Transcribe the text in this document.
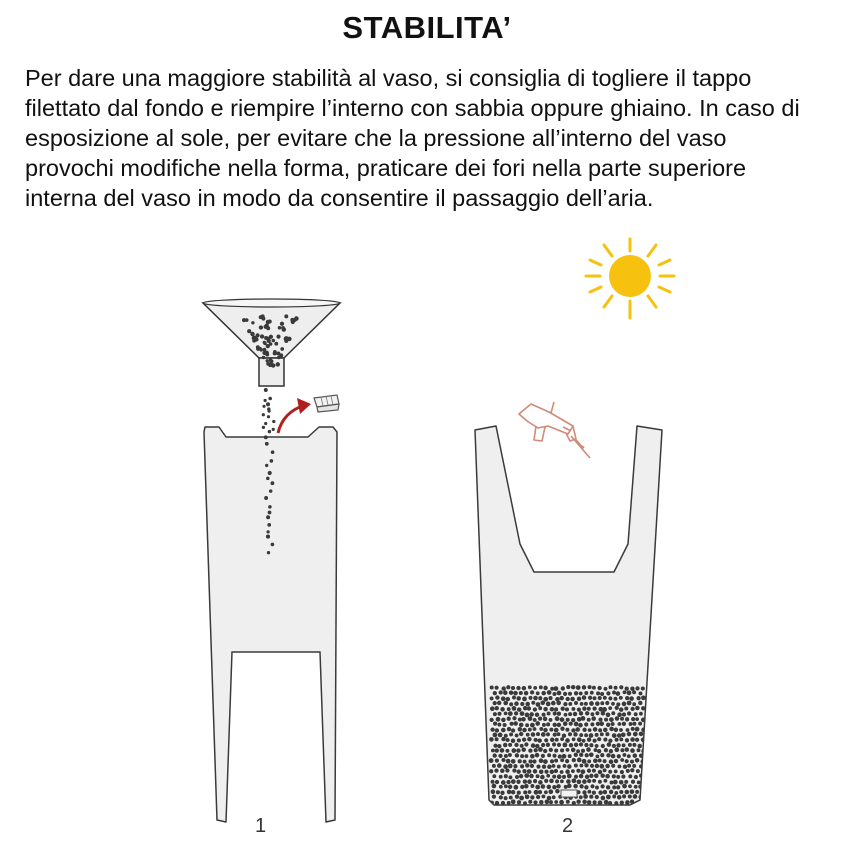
STABILITA’

Per dare una maggiore stabilità al vaso, si consiglia di togliere il tappo filettato dal fondo e riempire l’interno con sabbia oppure ghiaino. In caso di esposizione al sole, per evitare che la pressione all’interno del vaso provochi modifiche nella forma, praticare dei fori nella parte superiore interna del vaso in modo da consentire il passaggio dell’aria.

1	2
